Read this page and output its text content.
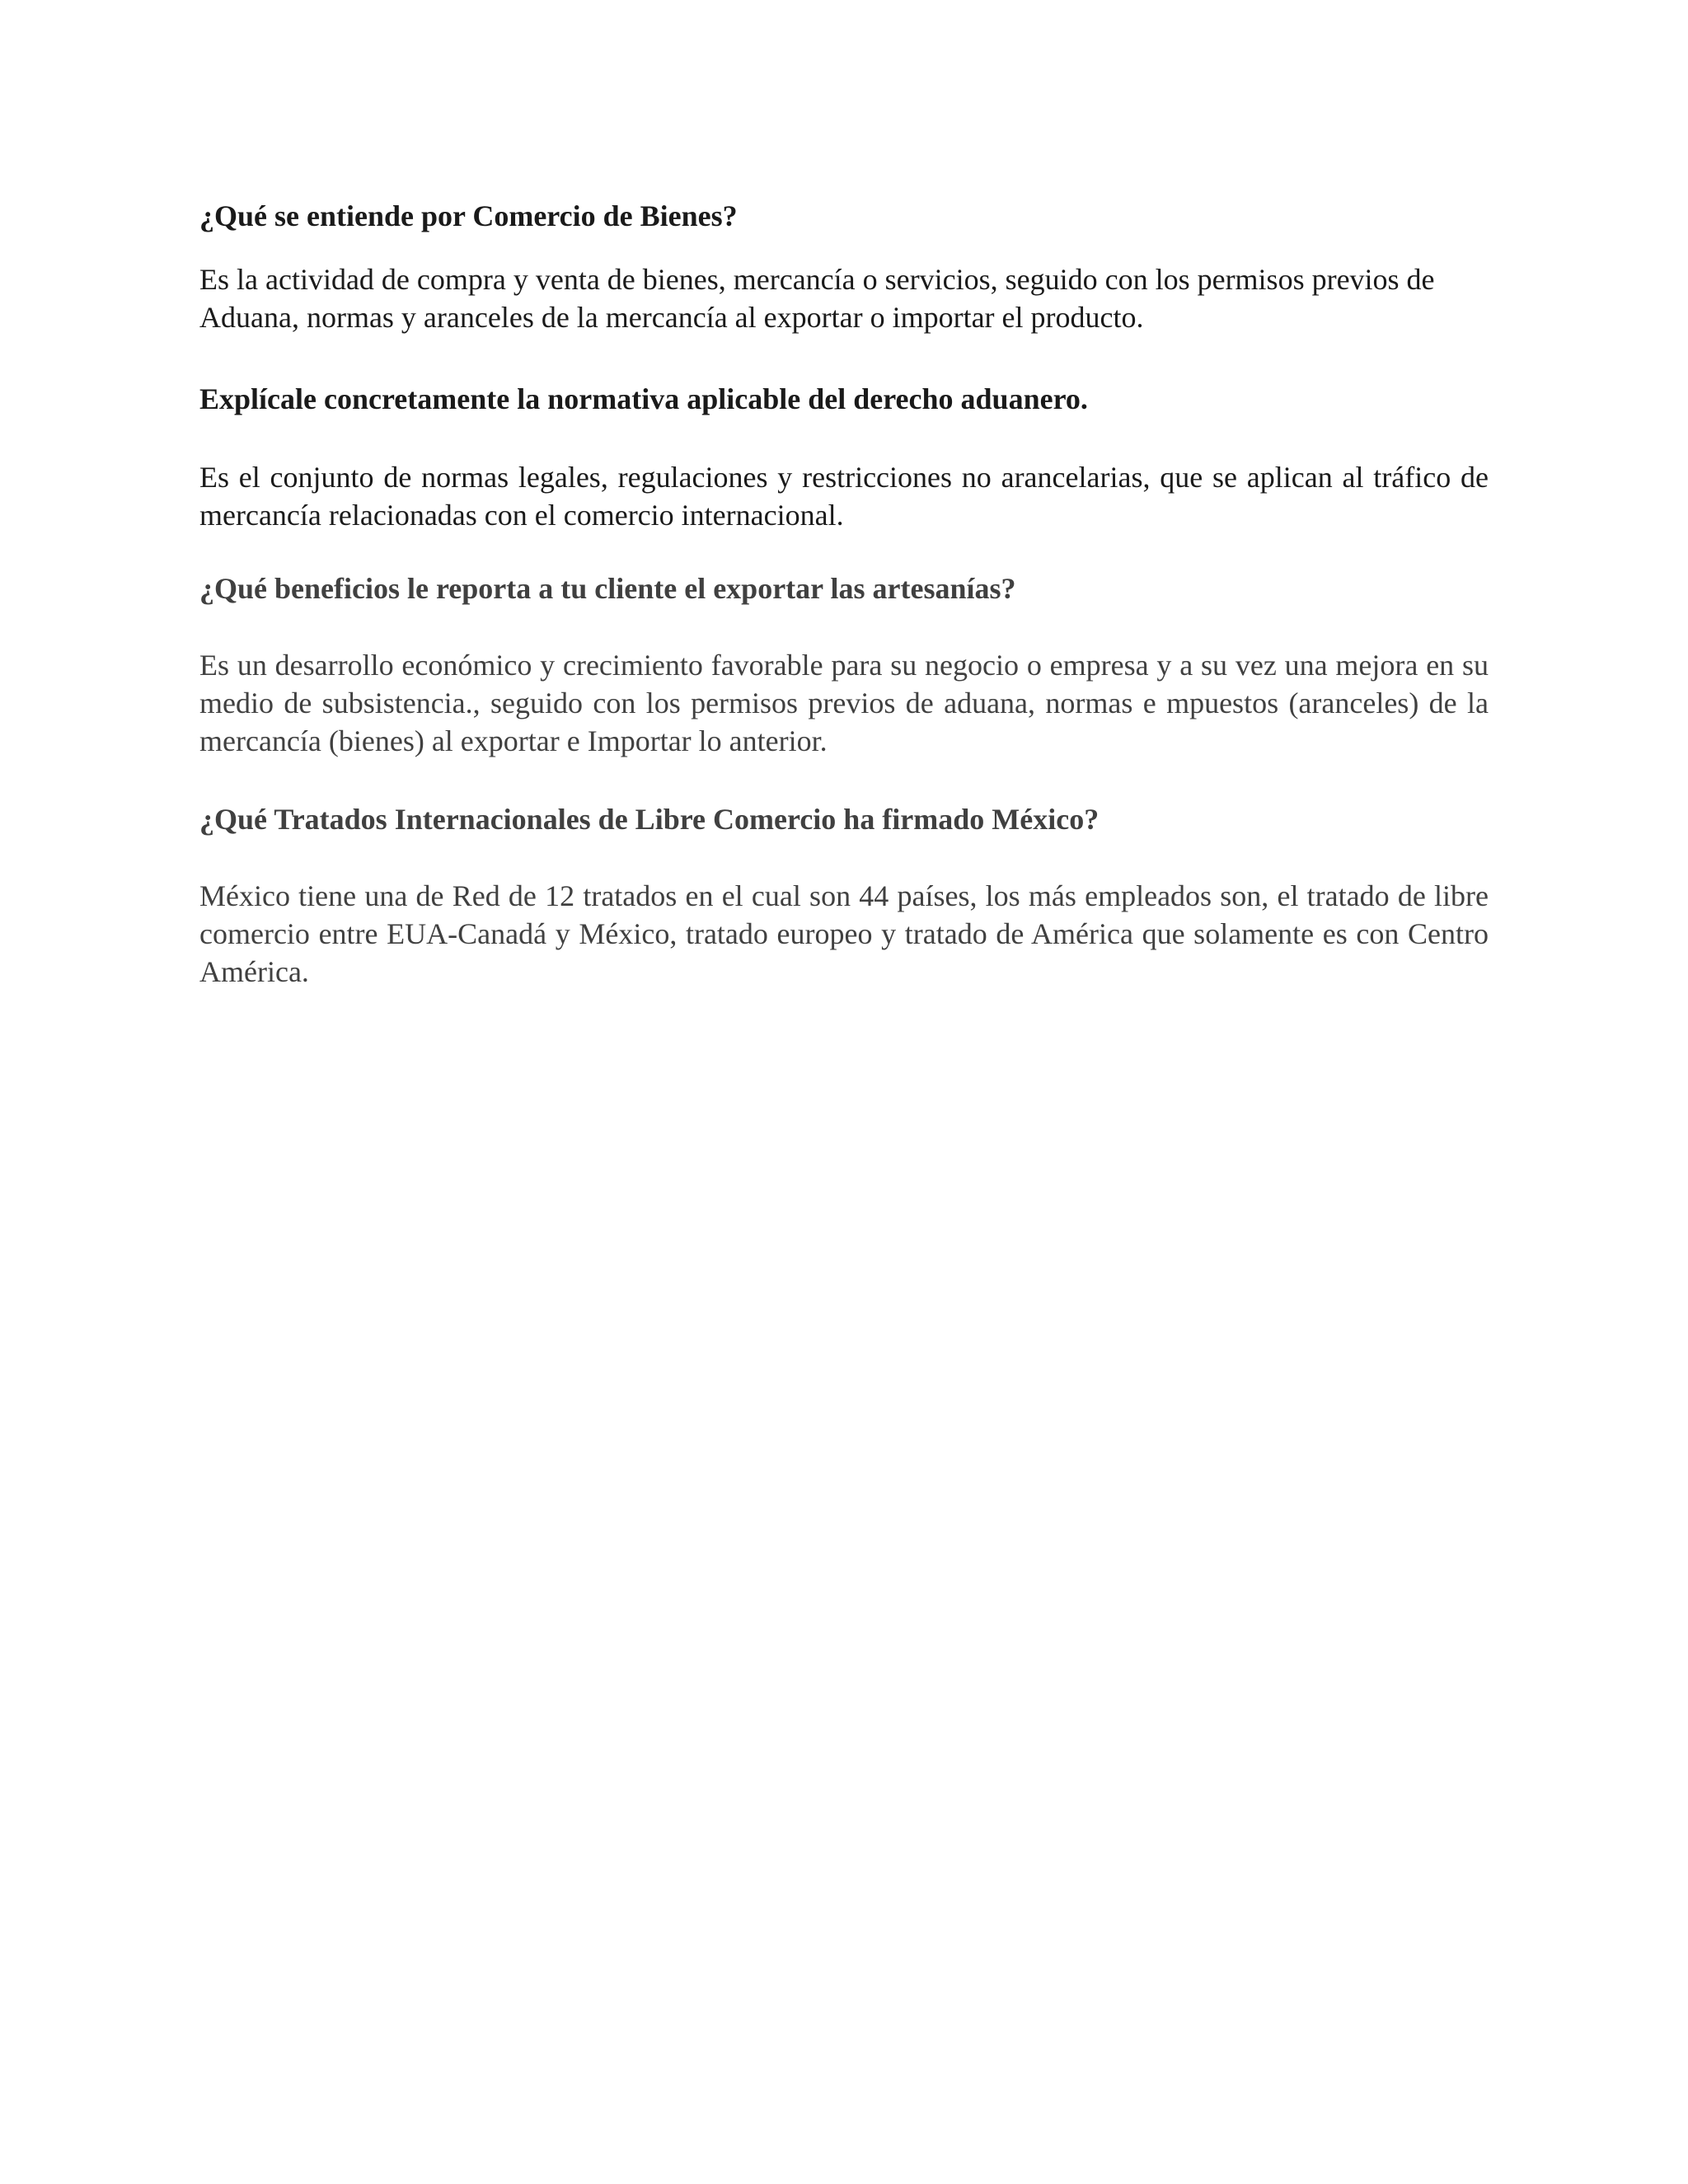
¿Qué se entiende por Comercio de Bienes?

Es la actividad de compra y venta de bienes, mercancía o servicios, seguido con los permisos previos de Aduana, normas y aranceles de la mercancía al exportar o importar el producto.

Explícale concretamente la normativa aplicable del derecho aduanero.

Es el conjunto de normas legales, regulaciones y restricciones no arancelarias, que se aplican al tráfico de mercancía relacionadas con el comercio internacional.

¿Qué beneficios le reporta a tu cliente el exportar las artesanías?

Es un desarrollo económico y crecimiento favorable para su negocio o empresa y a su vez una mejora en su medio de subsistencia., seguido con los permisos previos de aduana, normas e mpuestos (aranceles) de la mercancía (bienes) al exportar e Importar lo anterior.

¿Qué Tratados Internacionales de Libre Comercio ha firmado México?

México tiene una de Red de 12 tratados en el cual son 44 países, los más empleados son, el tratado de libre comercio entre EUA-Canadá y México, tratado europeo y tratado de América que solamente es con Centro América.
